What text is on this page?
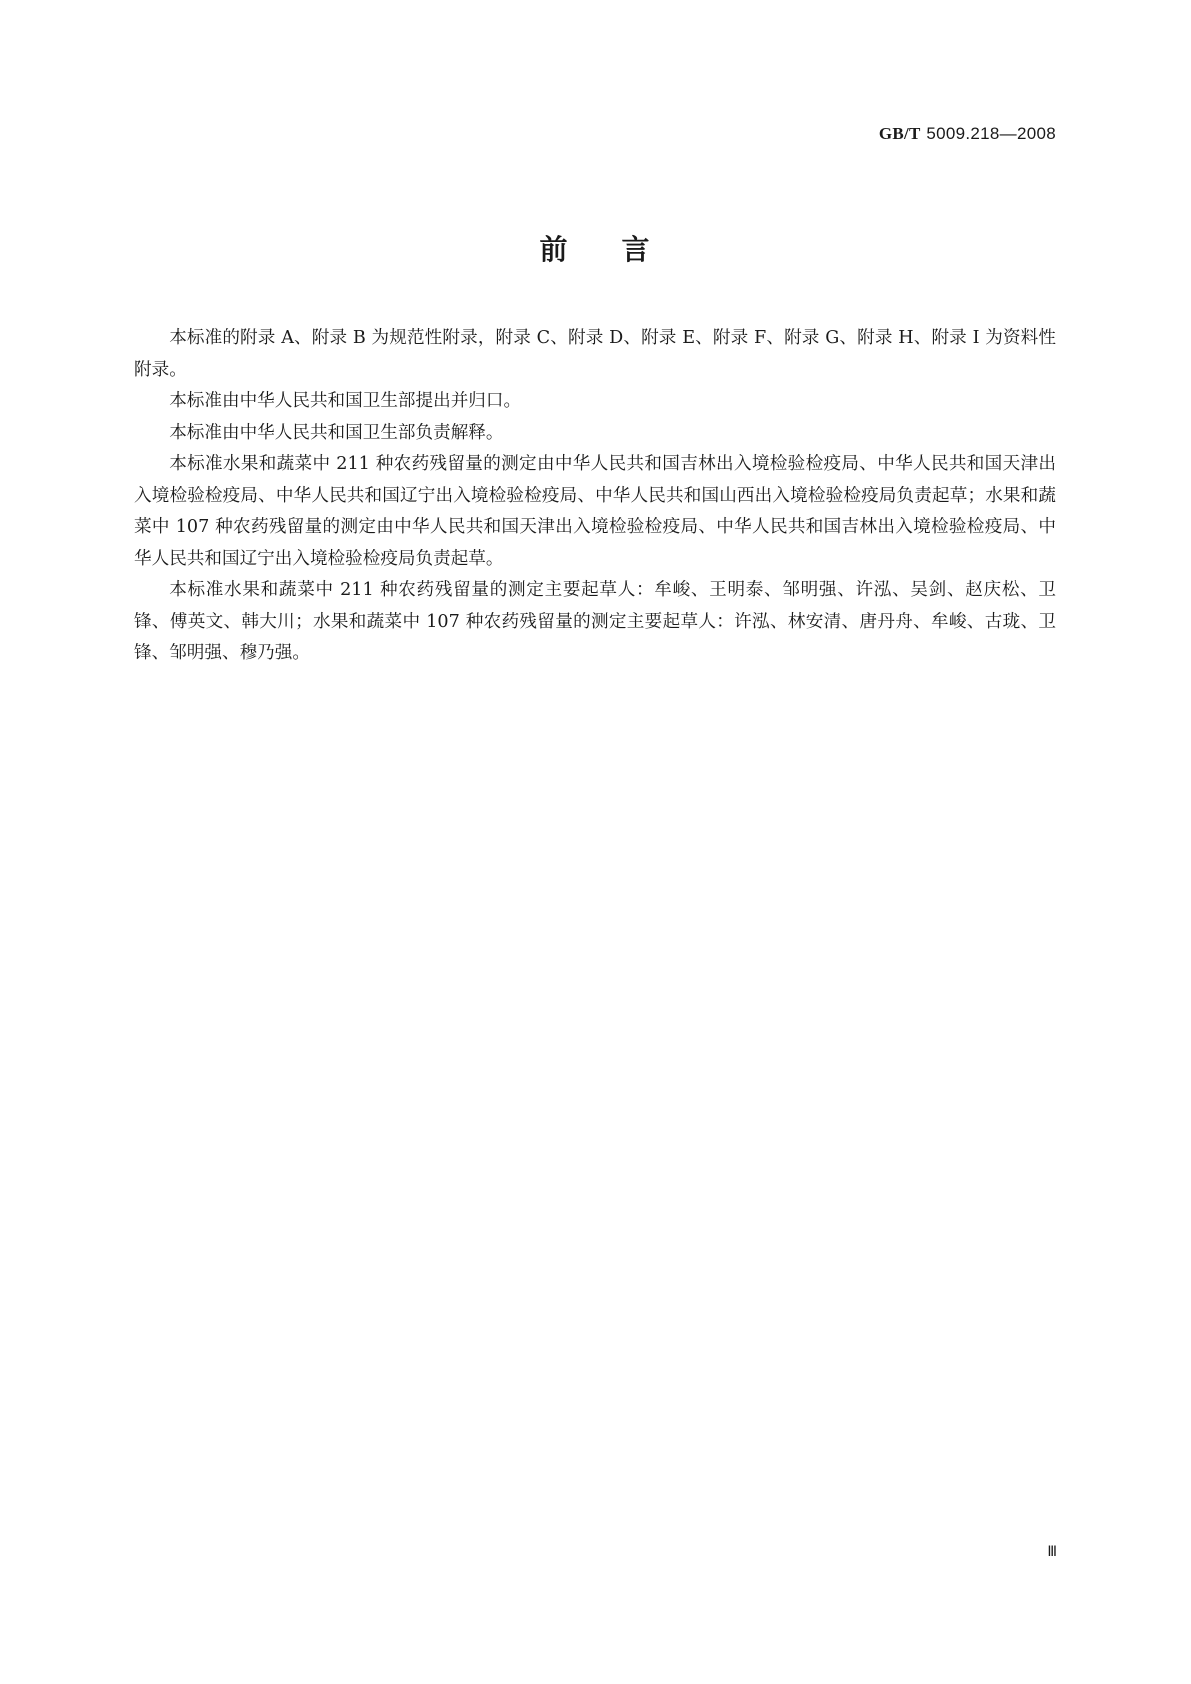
GB/T 5009.218—2008
前 言

本标准的附录 A、附录 B 为规范性附录，附录 C、附录 D、附录 E、附录 F、附录 G、附录 H、附录 I 为资料性附录。

本标准由中华人民共和国卫生部提出并归口。

本标准由中华人民共和国卫生部负责解释。

本标准水果和蔬菜中 211 种农药残留量的测定由中华人民共和国吉林出入境检验检疫局、中华人民共和国天津出入境检验检疫局、中华人民共和国辽宁出入境检验检疫局、中华人民共和国山西出入境检验检疫局负责起草；水果和蔬菜中 107 种农药残留量的测定由中华人民共和国天津出入境检验检疫局、中华人民共和国吉林出入境检验检疫局、中华人民共和国辽宁出入境检验检疫局负责起草。

本标准水果和蔬菜中 211 种农药残留量的测定主要起草人：牟峻、王明泰、邹明强、许泓、吴剑、赵庆松、卫锋、傅英文、韩大川；水果和蔬菜中 107 种农药残留量的测定主要起草人：许泓、林安清、唐丹舟、牟峻、古珑、卫锋、邹明强、穆乃强。

Ⅲ
